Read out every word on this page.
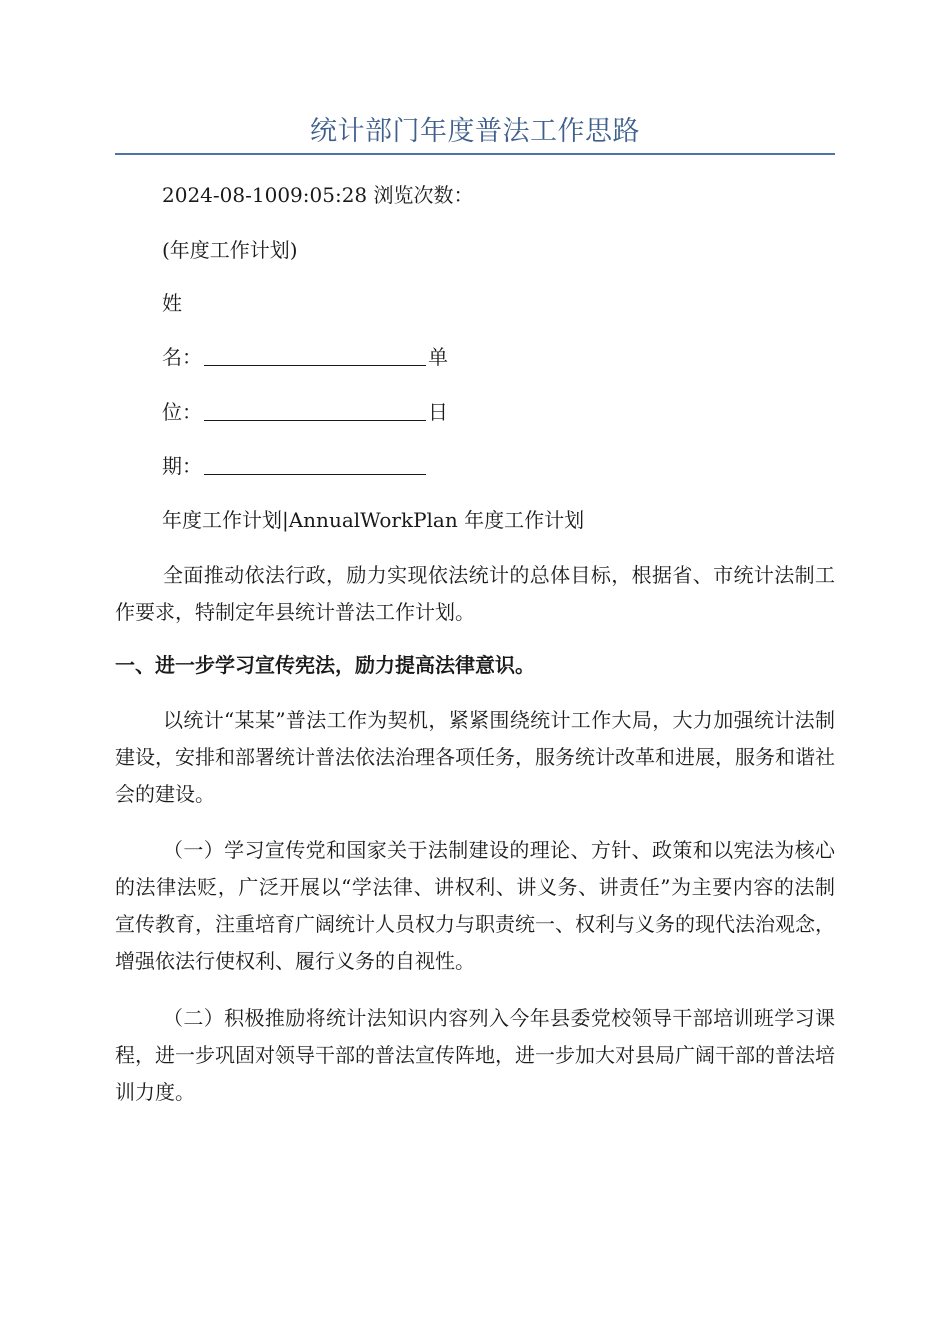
统计部门年度普法工作思路
2024-08-1009:05:28 浏览次数：
(年度工作计划)
姓
名：	单
位：	日
期：
年度工作计划|AnnualWorkPlan 年度工作计划
全面推动依法行政，励力实现依法统计的总体目标，根据省、市统计法制工作要求，特制定年县统计普法工作计划。
一、进一步学习宣传宪法，励力提高法律意识。
以统计“某某”普法工作为契机，紧紧围绕统计工作大局，大力加强统计法制建设，安排和部署统计普法依法治理各项任务，服务统计改革和进展，服务和谐社会的建设。
（一）学习宣传党和国家关于法制建设的理论、方针、政策和以宪法为核心的法律法贬，广泛开展以“学法律、讲权利、讲义务、讲责任”为主要内容的法制宣传教育，注重培育广阔统计人员权力与职责统一、权利与义务的现代法治观念，增强依法行使权利、履行义务的自视性。
（二）积极推励将统计法知识内容列入今年县委党校领导干部培训班学习课程，进一步巩固对领导干部的普法宣传阵地，进一步加大对县局广阔干部的普法培训力度。
